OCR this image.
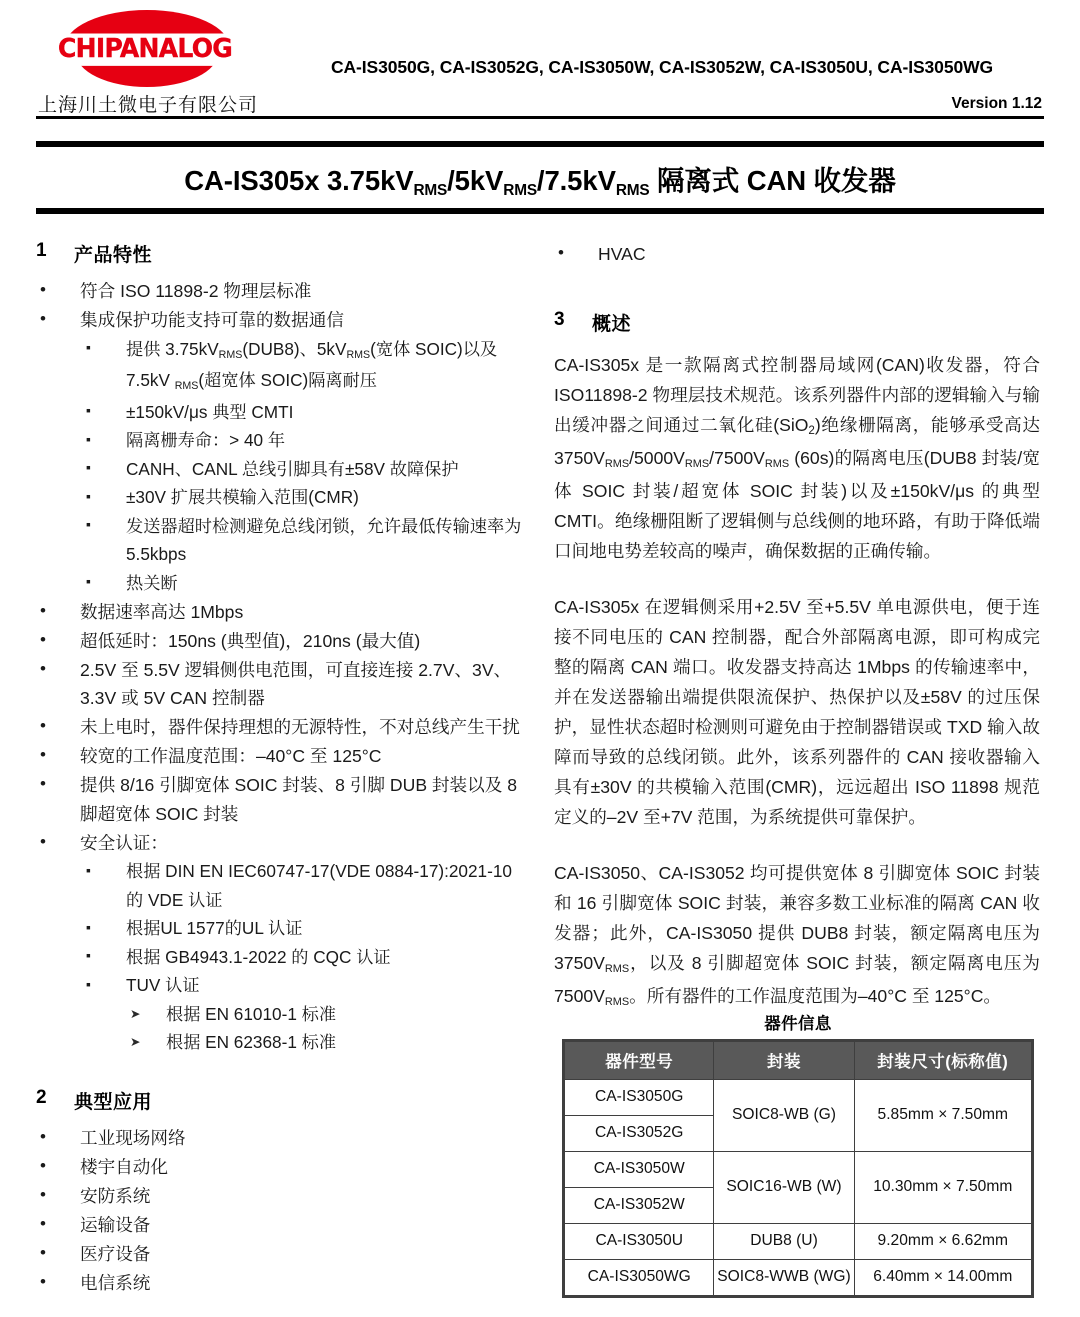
CHIPANALOG
上海川土微电子有限公司
CA-IS3050G, CA-IS3052G, CA-IS3050W, CA-IS3052W, CA-IS3050U, CA-IS3050WG
Version 1.12
CA-IS305x $3.75kV_{RMS}/5kV_{RMS}/7.5kV_{RMS}$ 隔离式 CAN 收发器
1	产品特性
• 符合 ISO 11898-2 物理层标准
• 集成保护功能支持可靠的数据通信
▪ 提供 $3.75kV_{RMS}(DUB8)$、$5kV_{RMS}$(宽体 SOIC)以及 7.5kV $_{RMS}$(超宽体 SOIC)隔离耐压
▪ ±150kV/μs 典型 CMTI
▪ 隔离栅寿命：> 40 年
▪ CANH、CANL 总线引脚具有±58V 故障保护
▪ ±30V 扩展共模输入范围(CMR)
▪ 发送器超时检测避免总线闭锁，允许最低传输速率为 5.5kbps
▪ 热关断
• 数据速率高达 1Mbps
• 超低延时：150ns (典型值)，210ns (最大值)
• 2.5V 至 5.5V 逻辑侧供电范围，可直接连接 2.7V、3V、3.3V 或 5V CAN 控制器
• 未上电时，器件保持理想的无源特性，不对总线产生干扰
• 较宽的工作温度范围：–40°C 至 125°C
• 提供 8/16 引脚宽体 SOIC 封装、8 引脚 DUB 封装以及 8 脚超宽体 SOIC 封装
• 安全认证：
▪ 根据 DIN EN IEC60747-17(VDE 0884-17):2021-10 的 VDE 认证
▪ 根据UL 1577的UL 认证
▪ 根据 GB4943.1-2022 的 CQC 认证
▪ TUV 认证
➤ 根据 EN 61010-1 标准
➤ 根据 EN 62368-1 标准
2	典型应用
• 工业现场网络
• 楼宇自动化
• 安防系统
• 运输设备
• 医疗设备
• 电信系统
• HVAC
3	概述

CA-IS305x 是一款隔离式控制器局域网(CAN)收发器，符合 ISO11898-2 物理层技术规范。该系列器件内部的逻辑输入与输出缓冲器之间通过二氧化硅(SiO$_2$)绝缘栅隔离，能够承受高达 $3750V_{RMS}/5000V_{RMS}/7500V_{RMS}$ (60s)的隔离电压(DUB8 封装/宽体 SOIC 封装/超宽体 SOIC 封装)以及±150kV/μs 的典型 CMTI。绝缘栅阻断了逻辑侧与总线侧的地环路，有助于降低端口间地电势差较高的噪声，确保数据的正确传输。

CA-IS305x 在逻辑侧采用+2.5V 至+5.5V 单电源供电，便于连接不同电压的 CAN 控制器，配合外部隔离电源，即可构成完整的隔离 CAN 端口。收发器支持高达 1Mbps 的传输速率中，并在发送器输出端提供限流保护、热保护以及±58V 的过压保护，显性状态超时检测则可避免由于控制器错误或 TXD 输入故障而导致的总线闭锁。此外，该系列器件的 CAN 接收器输入具有±30V 的共模输入范围(CMR)，远远超出 ISO 11898 规范定义的–2V 至+7V 范围，为系统提供可靠保护。

CA-IS3050、CA-IS3052 均可提供宽体 8 引脚宽体 SOIC 封装和 16 引脚宽体 SOIC 封装，兼容多数工业标准的隔离 CAN 收发器；此外，CA-IS3050 提供 DUB8 封装，额定隔离电压为 $3750V_{RMS}$，以及 8 引脚超宽体 SOIC 封装，额定隔离电压为 $7500V_{RMS}$。所有器件的工作温度范围为–40°C 至 125°C。

器件信息
器件型号	封装	封装尺寸(标称值)
CA-IS3050G	SOIC8-WB (G)	5.85mm × 7.50mm
CA-IS3052G		
CA-IS3050W	SOIC16-WB (W)	10.30mm × 7.50mm
CA-IS3052W		
CA-IS3050U	DUB8 (U)	9.20mm × 6.62mm
CA-IS3050WG	SOIC8-WWB (WG)	6.40mm × 14.00mm
